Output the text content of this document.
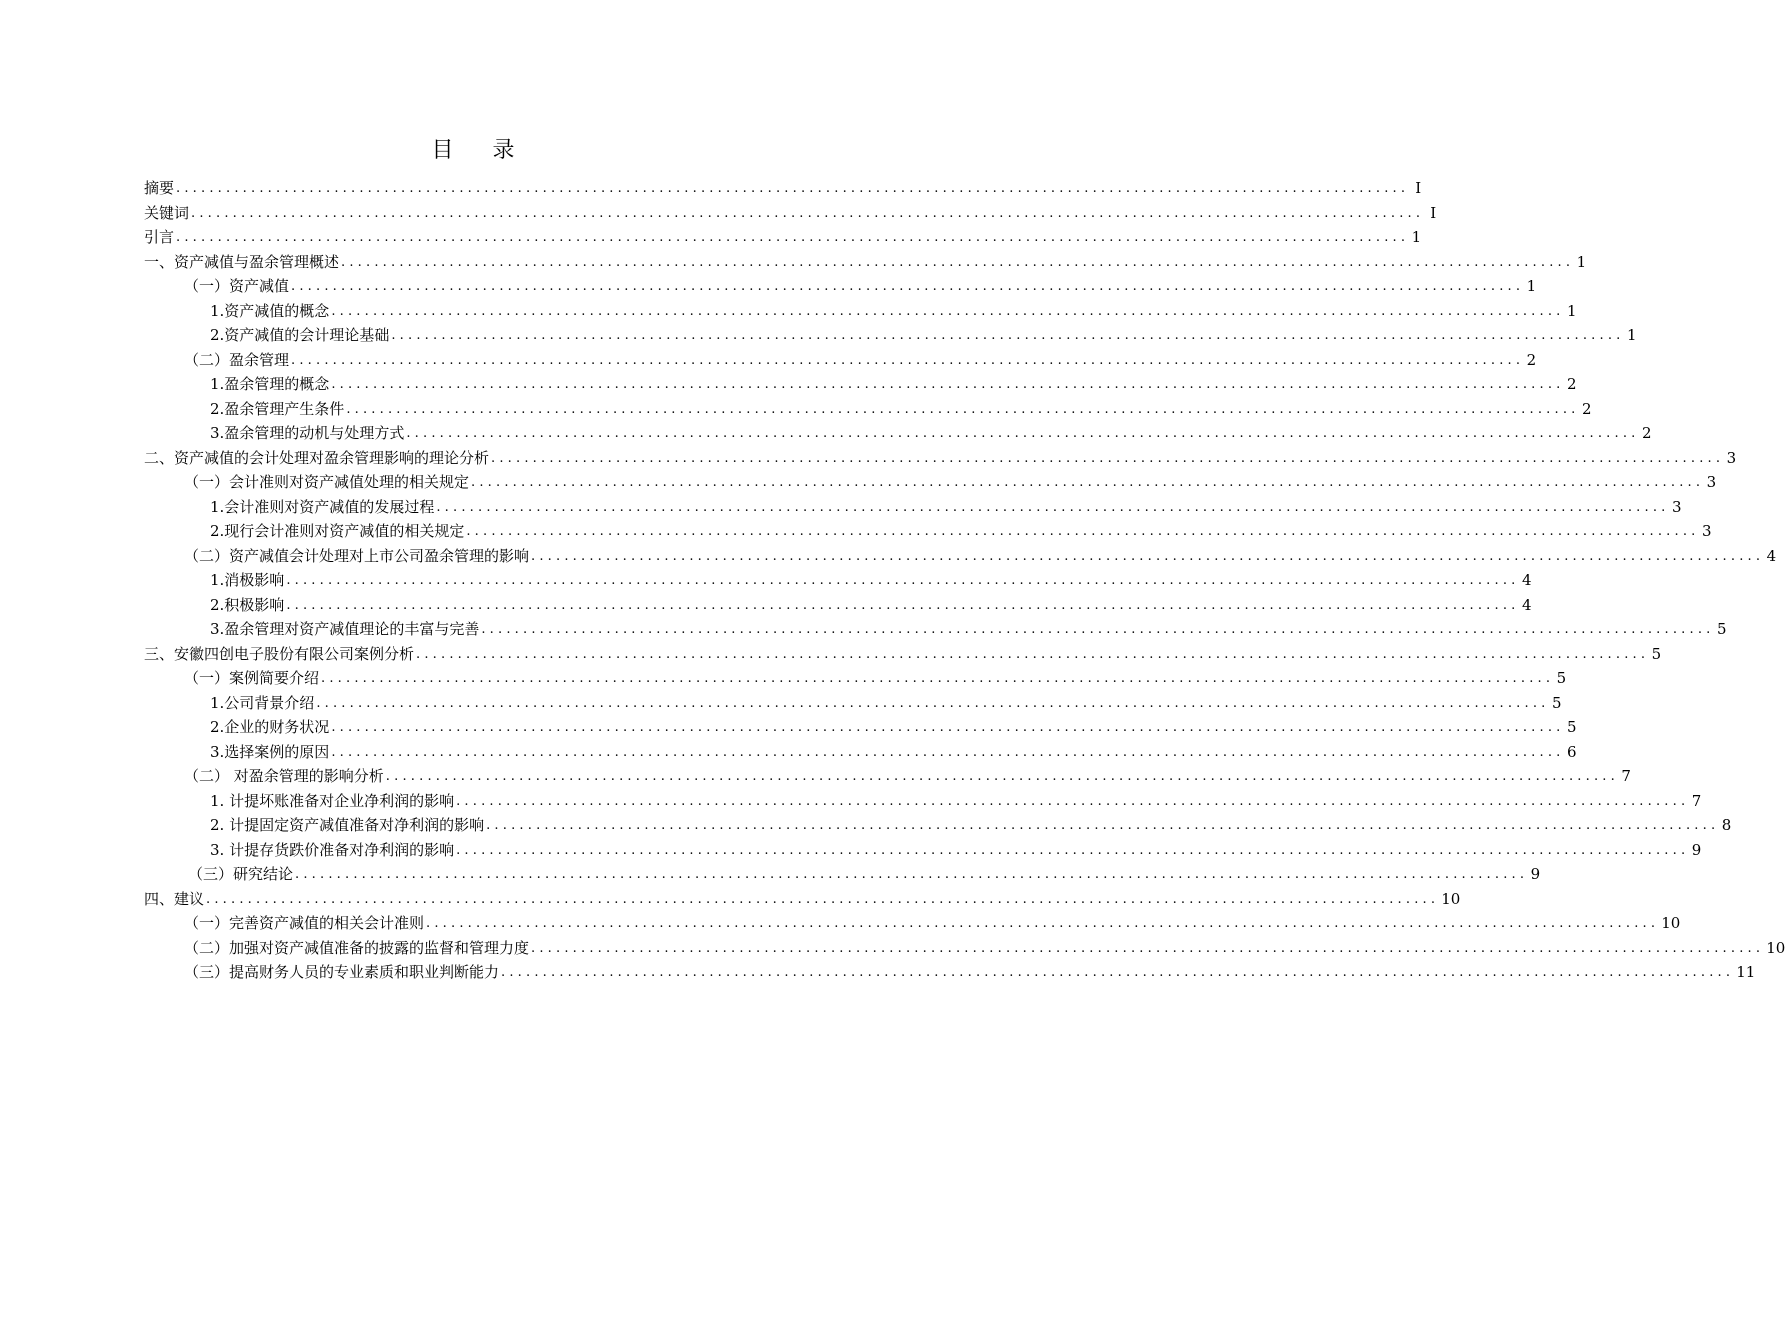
目 录
摘要 .................................................................................................................................................... Ⅰ
关键词 .................................................................................................................................................... Ⅰ
引言 .................................................................................................................................................... 1
一、资产减值与盈余管理概述 .................................................................................................................................................... 1
（一）资产减值 .................................................................................................................................................... 1
1.资产减值的概念 .................................................................................................................................................... 1
2.资产减值的会计理论基础 .................................................................................................................................................... 1
（二）盈余管理 .................................................................................................................................................... 2
1.盈余管理的概念 .................................................................................................................................................... 2
2.盈余管理产生条件 .................................................................................................................................................... 2
3.盈余管理的动机与处理方式 .................................................................................................................................................... 2
二、资产减值的会计处理对盈余管理影响的理论分析 .................................................................................................................................................... 3
（一）会计准则对资产减值处理的相关规定 .................................................................................................................................................... 3
1.会计准则对资产减值的发展过程 .................................................................................................................................................... 3
2.现行会计准则对资产减值的相关规定 .................................................................................................................................................... 3
（二）资产减值会计处理对上市公司盈余管理的影响 .................................................................................................................................................... 4
1.消极影响 .................................................................................................................................................... 4
2.积极影响 .................................................................................................................................................... 4
3.盈余管理对资产减值理论的丰富与完善 .................................................................................................................................................... 5
三、安徽四创电子股份有限公司案例分析 .................................................................................................................................................... 5
（一）案例简要介绍 .................................................................................................................................................... 5
1.公司背景介绍 .................................................................................................................................................... 5
2.企业的财务状况 .................................................................................................................................................... 5
3.选择案例的原因 .................................................................................................................................................... 6
（二） 对盈余管理的影响分析 .................................................................................................................................................... 7
1. 计提坏账准备对企业净利润的影响 .................................................................................................................................................... 7
2. 计提固定资产减值准备对净利润的影响 .................................................................................................................................................... 8
3. 计提存货跌价准备对净利润的影响 .................................................................................................................................................... 9
（三）研究结论 .................................................................................................................................................... 9
四、建议 .................................................................................................................................................... 10
（一）完善资产减值的相关会计准则 .................................................................................................................................................... 10
（二）加强对资产减值准备的披露的监督和管理力度 .................................................................................................................................................... 10
（三）提高财务人员的专业素质和职业判断能力 .................................................................................................................................................... 11
